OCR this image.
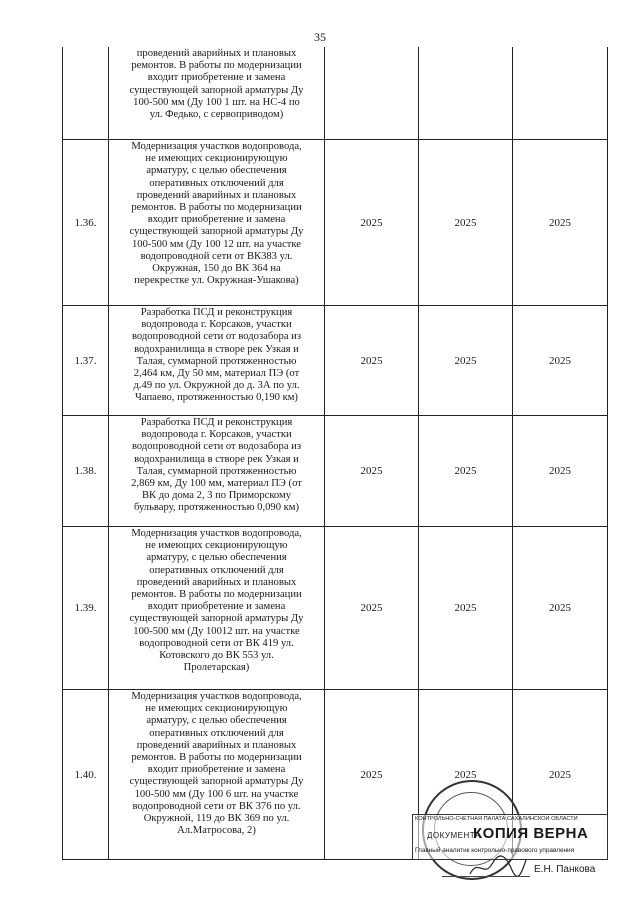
35
проведений аварийных и плановых
ремонтов. В работы по модернизации
входит приобретение и замена
существующей запорной арматуры Ду
100-500 мм (Ду 100 1 шт. на НС-4 по
ул. Федько, с сервоприводом)
1.36.
Модернизация участков водопровода,
не имеющих секционирующую
арматуру, с целью обеспечения
оперативных отключений для
проведений аварийных и плановых
ремонтов. В работы по модернизации
входит приобретение и замена
существующей запорной арматуры Ду
100-500 мм (Ду 100 12 шт. на участке
водопроводной сети от ВК383 ул.
Окружная, 150 до ВК 364 на
перекрестке ул. Окружная-Ушакова)
2025	2025	2025
1.37.
Разработка ПСД и реконструкция
водопровода г. Корсаков, участки
водопроводной сети от водозабора из
водохранилища в створе рек Узкая и
Талая, суммарной протяженностью
2,464 км, Ду 50 мм, материал ПЭ (от
д.49 по ул. Окружной до д. 3А по ул.
Чапаево, протяженностью 0,190 км)
2025	2025	2025
1.38.
Разработка ПСД и реконструкция
водопровода г. Корсаков, участки
водопроводной сети от водозабора из
водохранилища в створе рек Узкая и
Талая, суммарной протяженностью
2,869 км, Ду 100 мм, материал ПЭ (от
ВК до дома 2, 3 по Приморскому
бульвару, протяженностью 0,090 км)
2025	2025	2025
1.39.
Модернизация участков водопровода,
не имеющих секционирующую
арматуру, с целью обеспечения
оперативных отключений для
проведений аварийных и плановых
ремонтов. В работы по модернизации
входит приобретение и замена
существующей запорной арматуры Ду
100-500 мм (Ду 10012 шт. на участке
водопроводной сети от ВК 419 ул.
Котовского до ВК 553 ул.
Пролетарская)
2025	2025	2025
1.40.
Модернизация участков водопровода,
не имеющих секционирующую
арматуру, с целью обеспечения
оперативных отключений для
проведений аварийных и плановых
ремонтов. В работы по модернизации
входит приобретение и замена
существующей запорной арматуры Ду
100-500 мм (Ду 100 6 шт. на участке
водопроводной сети от ВК 376 по ул.
Окружной, 119 до ВК 369 по ул.
Ал.Матросова, 2)
2025	2025	2025
КОНТРОЛЬНО-СЧЕТНАЯ ПАЛАТА САХАЛИНСКОЙ ОБЛАСТИ
ДОКУМЕНТА
КОПИЯ ВЕРНА
Главный аналитик контрольно-правового управления
Е.Н. Панкова
